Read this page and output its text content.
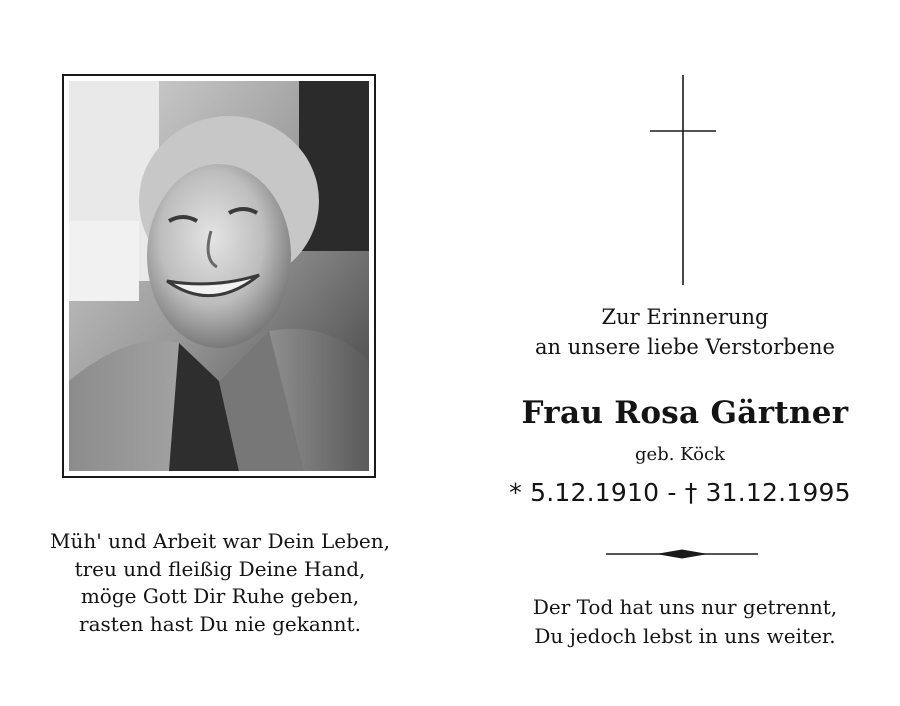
Müh' und Arbeit war Dein Leben,
treu und fleißig Deine Hand,
möge Gott Dir Ruhe geben,
rasten hast Du nie gekannt.
Zur Erinnerung
an unsere liebe Verstorbene
Frau Rosa Gärtner
geb. Köck
* 5.12.1910 - † 31.12.1995
Der Tod hat uns nur getrennt,
Du jedoch lebst in uns weiter.
